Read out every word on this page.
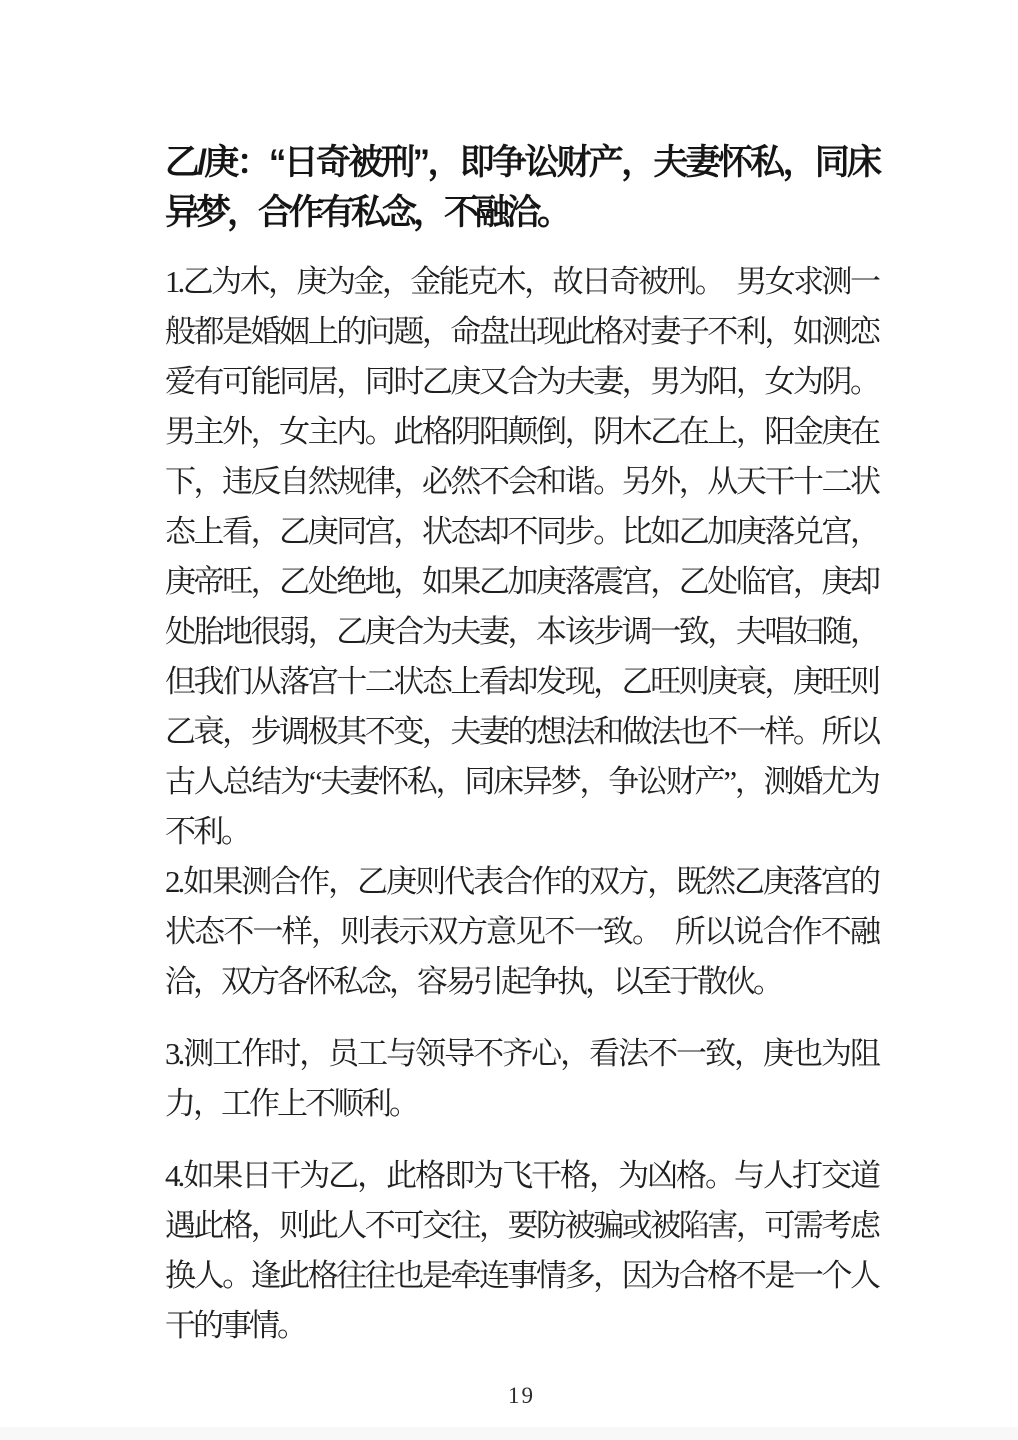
乙/庚：“日奇被刑”，即争讼财产，夫妻怀私，同床异梦，合作有私念，不融洽。

1.乙为木，庚为金，金能克木，故日奇被刑。　男女求测一般都是婚姻上的问题，命盘出现此格对妻子不利，如测恋爱有可能同居，同时乙庚又合为夫妻，男为阳，女为阴。男主外，女主内。此格阴阳颠倒，阴木乙在上，阳金庚在下，违反自然规律，必然不会和谐。另外，从天干十二状态上看，乙庚同宫，状态却不同步。比如乙加庚落兑宫，庚帝旺，乙处绝地，如果乙加庚落震宫，乙处临官，庚却处胎地很弱，乙庚合为夫妻，本该步调一致，夫唱妇随，但我们从落宫十二状态上看却发现，乙旺则庚衰，庚旺则乙衰，步调极其不变，夫妻的想法和做法也不一样。所以古人总结为“夫妻怀私，同床异梦，争讼财产”，测婚尤为不利。

2.如果测合作，乙庚则代表合作的双方，既然乙庚落宫的状态不一样，则表示双方意见不一致。　所以说合作不融洽，双方各怀私念，容易引起争执，以至于散伙。

3.测工作时，员工与领导不齐心，看法不一致，庚也为阻力，工作上不顺利。

4.如果日干为乙，此格即为飞干格，为凶格。与人打交道遇此格，则此人不可交往，要防被骗或被陷害，可需考虑换人。逢此格往往也是牵连事情多，因为合格不是一个人干的事情。

19
